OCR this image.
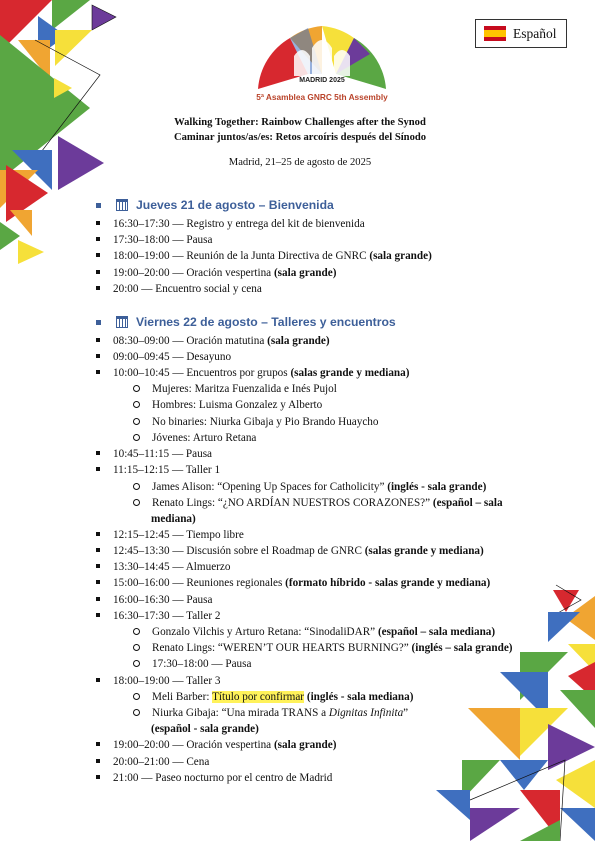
Español
MADRID 2025
5ª Asamblea GNRC 5th Assembly
Walking Together: Rainbow Challenges after the Synod
Caminar juntos/as/es: Retos arcoíris después del Sínodo
Madrid, 21–25 de agosto de 2025
Jueves 21 de agosto – Bienvenida
16:30–17:30 — Registro y entrega del kit de bienvenida
17:30–18:00 — Pausa
18:00–19:00 — Reunión de la Junta Directiva de GNRC (sala grande)
19:00–20:00 — Oración vespertina (sala grande)
20:00 — Encuentro social y cena
Viernes 22 de agosto – Talleres y encuentros
08:30–09:00 — Oración matutina (sala grande)
09:00–09:45 — Desayuno
10:00–10:45 — Encuentros por grupos (salas grande y mediana)
Mujeres: Maritza Fuenzalida e Inés Pujol
Hombres: Luisma Gonzalez y Alberto
No binaries: Niurka Gibaja y Pio Brando Huaycho
Jóvenes: Arturo Retana
10:45–11:15 — Pausa
11:15–12:15 — Taller 1
James Alison: “Opening Up Spaces for Catholicity” (inglés - sala grande)
Renato Lings: “¿NO ARDÍAN NUESTROS CORAZONES?” (español – sala
mediana)
12:15–12:45 — Tiempo libre
12:45–13:30 — Discusión sobre el Roadmap de GNRC (salas grande y mediana)
13:30–14:45 — Almuerzo
15:00–16:00 — Reuniones regionales (formato híbrido - salas grande y mediana)
16:00–16:30 — Pausa
16:30–17:30 — Taller 2
Gonzalo Vilchis y Arturo Retana: “SinodaliDAR” (español – sala mediana)
Renato Lings: “WEREN’T OUR HEARTS BURNING?” (inglés – sala grande)
17:30–18:00 — Pausa
18:00–19:00 — Taller 3
Meli Barber: Título por confirmar (inglés - sala mediana)
Niurka Gibaja: “Una mirada TRANS a Dignitas Infinita”
(español - sala grande)
19:00–20:00 — Oración vespertina (sala grande)
20:00–21:00 — Cena
21:00 — Paseo nocturno por el centro de Madrid
